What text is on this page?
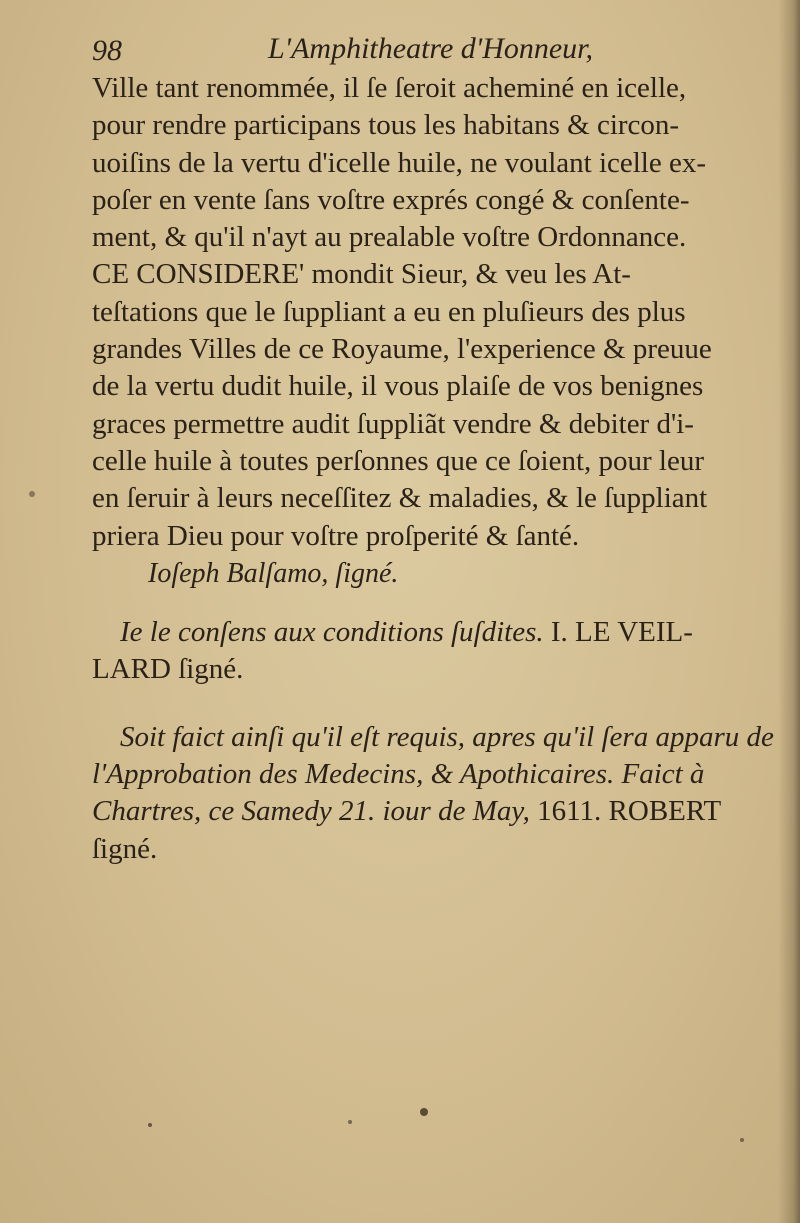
98	L'Amphitheatre d'Honneur,
Ville tant renommée, il ſe ſeroit acheminé en icelle,
pour rendre participans tous les habitans & circon-
uoiſins de la vertu d'icelle huile, ne voulant icelle ex-
poſer en vente ſans voſtre exprés congé & conſente-
ment, & qu'il n'ayt au prealable voſtre Ordonnance.
CE CONSIDERE' mondit Sieur, & veu les At-
teſtations que le ſuppliant a eu en pluſieurs des plus
grandes Villes de ce Royaume, l'experience & preuue
de la vertu dudit huile, il vous plaiſe de vos benignes
graces permettre audit ſuppliãt vendre & debiter d'i-
celle huile à toutes perſonnes que ce ſoient, pour leur
en ſeruir à leurs neceſſitez & maladies, & le ſuppliant
priera Dieu pour voſtre proſperité & ſanté.
Ioſeph Balſamo, ſigné.
Ie le conſens aux conditions ſuſdites. I. LE VEIL-
LARD ſigné.
Soit faict ainſi qu'il eſt requis, apres qu'il ſera apparu de
l'Approbation des Medecins, & Apothicaires. Faict à
Chartres, ce Samedy 21. iour de May, 1611. ROBERT
ſigné.
